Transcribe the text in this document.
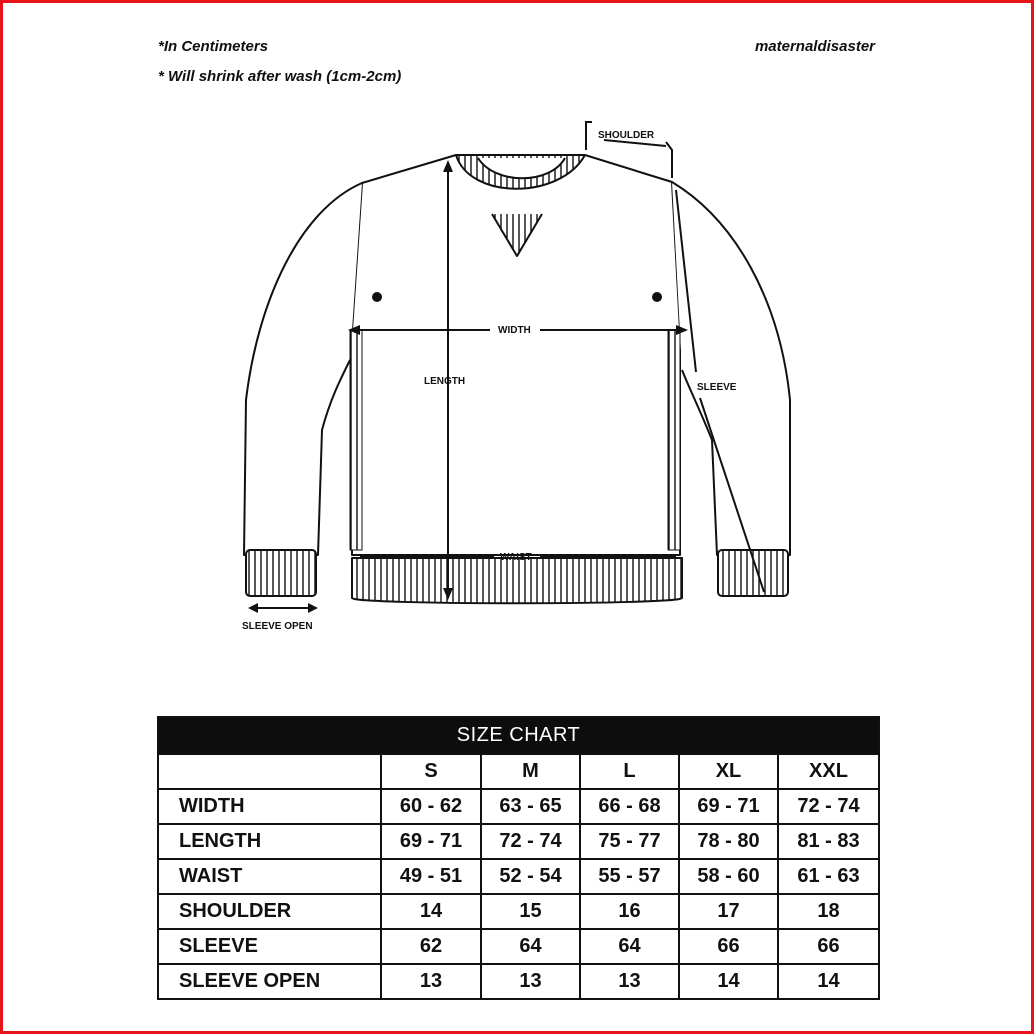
*In Centimeters
* Will shrink after wash (1cm-2cm)
maternaldisaster
SHOULDER
WIDTH
LENGTH
SLEEVE
WAIST
SLEEVE OPEN
SIZE CHART					
	S	M	L	XL	XXL
WIDTH	60 - 62	63 - 65	66 - 68	69 - 71	72 - 74
LENGTH	69 - 71	72 - 74	75 - 77	78 - 80	81 - 83
WAIST	49 - 51	52 - 54	55 - 57	58 - 60	61 - 63
SHOULDER	14	15	16	17	18
SLEEVE	62	64	64	66	66
SLEEVE OPEN	13	13	13	14	14
